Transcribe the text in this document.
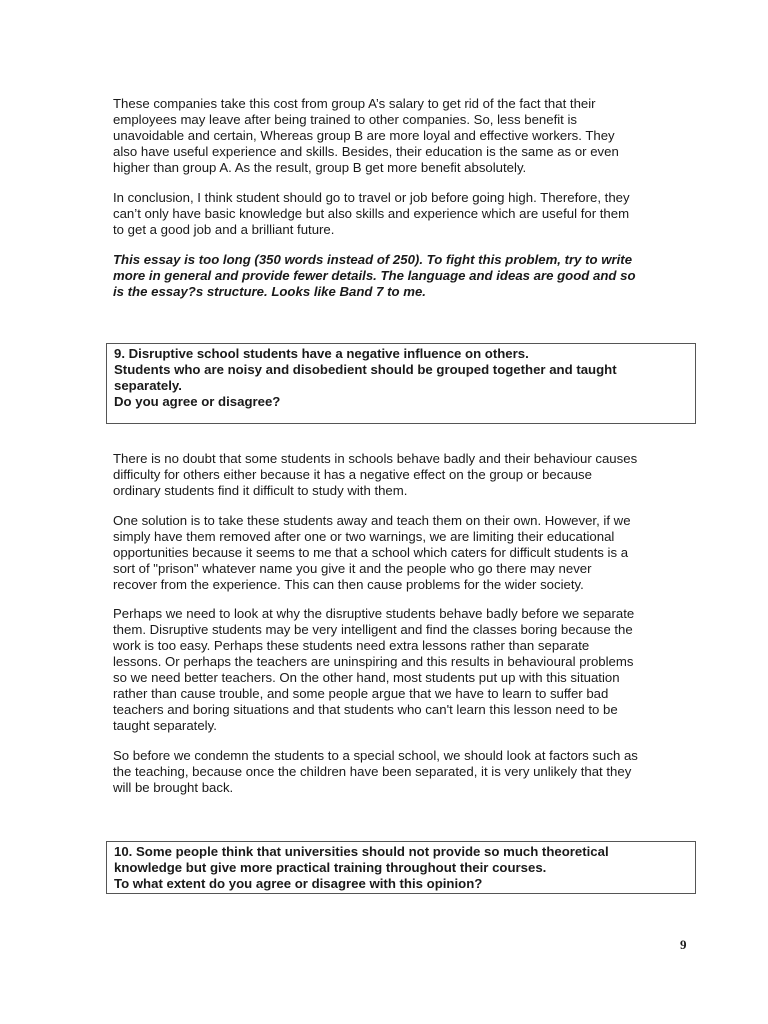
These companies take this cost from group A’s salary to get rid of the fact that their
employees may leave after being trained to other companies. So, less benefit is
unavoidable and certain, Whereas group B are more loyal and effective workers. They
also have useful experience and skills. Besides, their education is the same as or even
higher than group A. As the result, group B get more benefit absolutely.

In conclusion, I think student should go to travel or job before going high. Therefore, they
can’t only have basic knowledge but also skills and experience which are useful for them
to get a good job and a brilliant future.

This essay is too long (350 words instead of 250). To fight this problem, try to write
more in general and provide fewer details. The language and ideas are good and so
is the essay?s structure. Looks like Band 7 to me.

9. Disruptive school students have a negative influence on others.
Students who are noisy and disobedient should be grouped together and taught
separately.
Do you agree or disagree?

There is no doubt that some students in schools behave badly and their behaviour causes
difficulty for others either because it has a negative effect on the group or because
ordinary students find it difficult to study with them.

One solution is to take these students away and teach them on their own. However, if we
simply have them removed after one or two warnings, we are limiting their educational
opportunities because it seems to me that a school which caters for difficult students is a
sort of "prison" whatever name you give it and the people who go there may never
recover from the experience. This can then cause problems for the wider society.

Perhaps we need to look at why the disruptive students behave badly before we separate
them. Disruptive students may be very intelligent and find the classes boring because the
work is too easy. Perhaps these students need extra lessons rather than separate
lessons. Or perhaps the teachers are uninspiring and this results in behavioural problems
so we need better teachers. On the other hand, most students put up with this situation
rather than cause trouble, and some people argue that we have to learn to suffer bad
teachers and boring situations and that students who can't learn this lesson need to be
taught separately.

So before we condemn the students to a special school, we should look at factors such as
the teaching, because once the children have been separated, it is very unlikely that they
will be brought back.

10. Some people think that universities should not provide so much theoretical
knowledge but give more practical training throughout their courses.
To what extent do you agree or disagree with this opinion?
9
